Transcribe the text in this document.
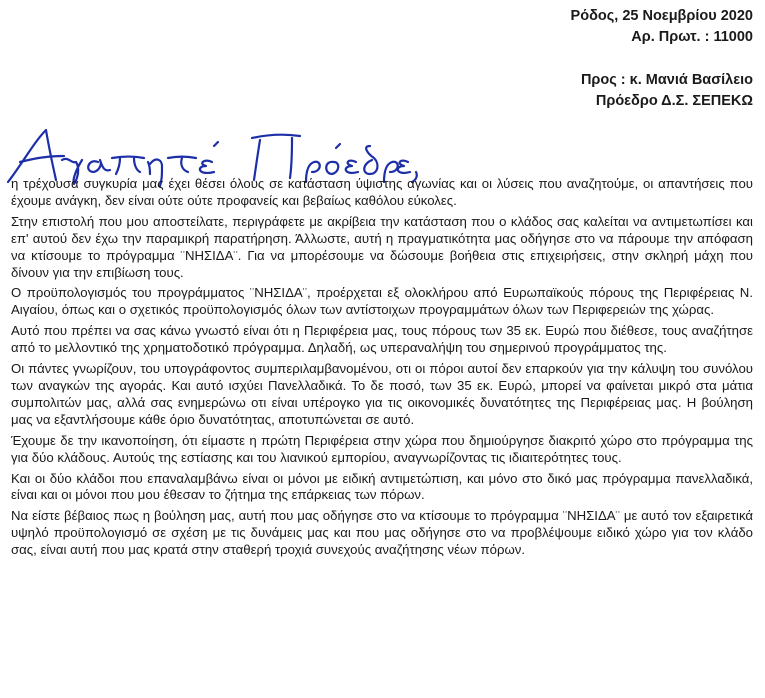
Ρόδος, 25 Νοεμβρίου 2020
Αρ. Πρωτ. : 11000
Προς : κ. Μανιά Βασίλειο
Πρόεδρο Δ.Σ. ΣΕΠΕΚΩ

η τρέχουσα συγκυρία μας έχει θέσει όλους σε κατάσταση ύψιστης αγωνίας και οι λύσεις που αναζητούμε, οι απαντήσεις που έχουμε ανάγκη, δεν είναι ούτε ούτε προφανείς και βεβαίως καθόλου εύκολες.

Στην επιστολή που μου αποστείλατε, περιγράφετε με ακρίβεια την κατάσταση που ο κλάδος σας καλείται να αντιμετωπίσει και επ' αυτού δεν έχω την παραμικρή παρατήρηση. Άλλωστε, αυτή η πραγματικότητα μας οδήγησε στο να πάρουμε την απόφαση να κτίσουμε το πρόγραμμα ¨ΝΗΣΙΔΑ¨. Για να μπορέσουμε να δώσουμε βοήθεια στις επιχειρήσεις, στην σκληρή μάχη που δίνουν για την επιβίωση τους.

Ο προϋπολογισμός του προγράμματος ¨ΝΗΣΙΔΑ¨, προέρχεται εξ ολοκλήρου από Ευρωπαϊκούς πόρους της Περιφέρειας Ν. Αιγαίου, όπως και ο σχετικός προϋπολογισμός όλων των αντίστοιχων προγραμμάτων όλων των Περιφερειών της χώρας.

Αυτό που πρέπει να σας κάνω γνωστό είναι ότι η Περιφέρεια μας, τους πόρους των 35 εκ. Ευρώ που διέθεσε, τους αναζήτησε από το μελλοντικό της χρηματοδοτικό πρόγραμμα. Δηλαδή, ως υπεραναλήψη του σημερινού προγράμματος της.

Οι πάντες γνωρίζουν, του υπογράφοντος συμπεριλαμβανομένου, οτι οι πόροι αυτοί δεν επαρκούν για την κάλυψη του συνόλου των αναγκών της αγοράς. Και αυτό ισχύει Πανελλαδικά. Το δε ποσό, των 35 εκ. Ευρώ, μπορεί να φαίνεται μικρό στα μάτια συμπολιτών μας, αλλά σας ενημερώνω οτι είναι υπέρογκο για τις οικονομικές δυνατότητες της Περιφέρειας μας. Η βούληση μας να εξαντλήσουμε κάθε όριο δυνατότητας, αποτυπώνεται σε αυτό.

Έχουμε δε την ικανοποίηση, ότι είμαστε η πρώτη Περιφέρεια στην χώρα που δημιούργησε διακριτό χώρο στο πρόγραμμα της για δύο κλάδους. Αυτούς της εστίασης και του λιανικού εμπορίου, αναγνωρίζοντας τις ιδιαιτερότητες τους.

Και οι δύο κλάδοι που επαναλαμβάνω είναι οι μόνοι με ειδική αντιμετώπιση, και μόνο στο δικό μας πρόγραμμα πανελλαδικά, είναι και οι μόνοι που μου έθεσαν το ζήτημα της επάρκειας των πόρων.

Να είστε βέβαιος πως η βούληση μας, αυτή που μας οδήγησε στο να κτίσουμε το πρόγραμμα ¨ΝΗΣΙΔΑ¨ με αυτό τον εξαιρετικά υψηλό προϋπολογισμό σε σχέση με τις δυνάμεις μας και που μας οδήγησε στο να προβλέψουμε ειδικό χώρο για τον κλάδο σας, είναι αυτή που μας κρατά στην σταθερή τροχιά συνεχούς αναζήτησης νέων πόρων.
